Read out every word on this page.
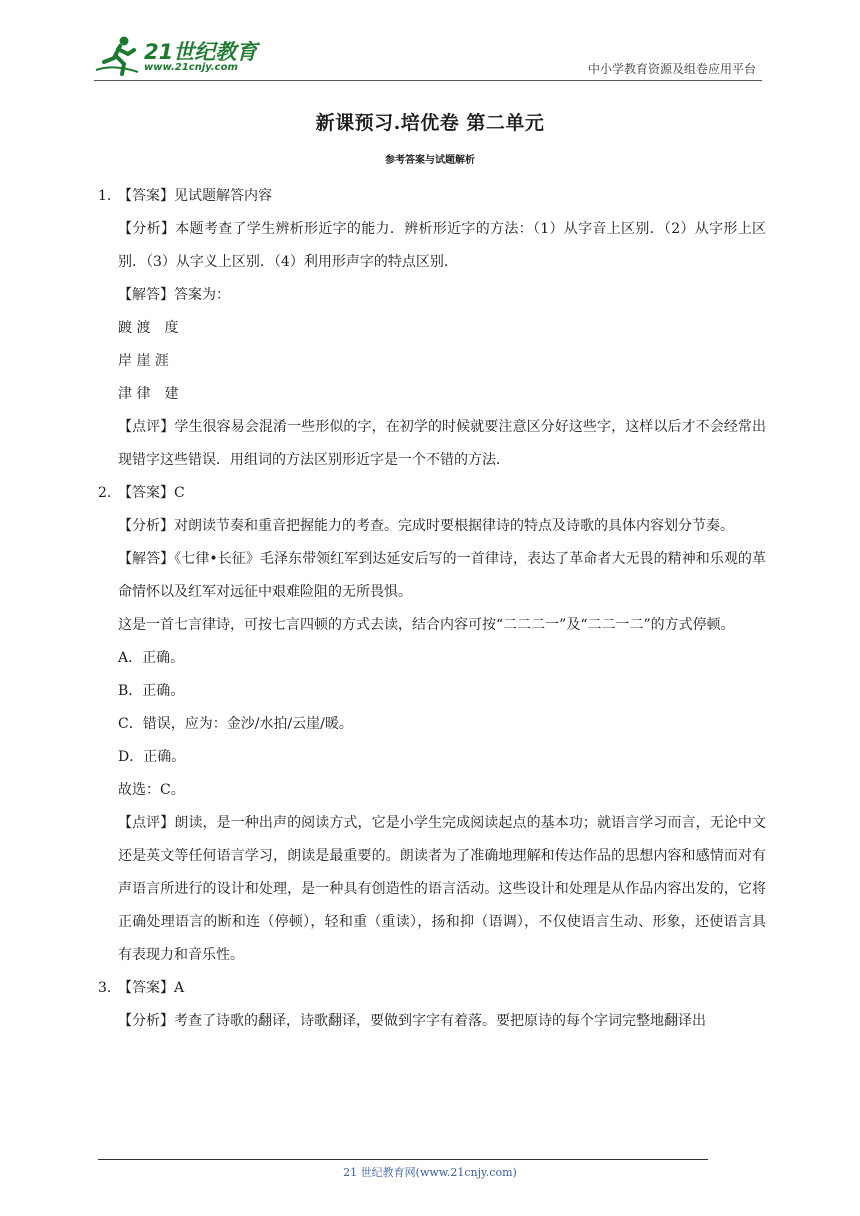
21世纪教育
www.21cnjy.com	中小学教育资源及组卷应用平台
新课预习.培优卷 第二单元
参考答案与试题解析

1. 【答案】见试题解答内容

【分析】本题考查了学生辨析形近字的能力．辨析形近字的方法：（1）从字音上区别．（2）从字形上区别．（3）从字义上区别．（4）利用形声字的特点区别．

【解答】答案为：

踱 渡　度

岸 崖 涯

津 律　建

【点评】学生很容易会混淆一些形似的字，在初学的时候就要注意区分好这些字，这样以后才不会经常出现错字这些错误．用组词的方法区别形近字是一个不错的方法．

2. 【答案】C

【分析】对朗读节奏和重音把握能力的考查。完成时要根据律诗的特点及诗歌的具体内容划分节奏。

【解答】《七律•长征》毛泽东带领红军到达延安后写的一首律诗，表达了革命者大无畏的精神和乐观的革命情怀以及红军对远征中艰难险阻的无所畏惧。

这是一首七言律诗，可按七言四顿的方式去读，结合内容可按“二二二一”及“二二一二”的方式停顿。

A．正确。

B．正确。

C．错误，应为：金沙/水拍/云崖/暖。

D．正确。

故选：C。

【点评】朗读，是一种出声的阅读方式，它是小学生完成阅读起点的基本功；就语言学习而言，无论中文还是英文等任何语言学习，朗读是最重要的。朗读者为了准确地理解和传达作品的思想内容和感情而对有声语言所进行的设计和处理，是一种具有创造性的语言活动。这些设计和处理是从作品内容出发的，它将正确处理语言的断和连（停顿），轻和重（重读），扬和抑（语调），不仅使语言生动、形象，还使语言具有表现力和音乐性。

3. 【答案】A

【分析】考查了诗歌的翻译，诗歌翻译，要做到字字有着落。要把原诗的每个字词完整地翻译出

21 世纪教育网(www.21cnjy.com)
